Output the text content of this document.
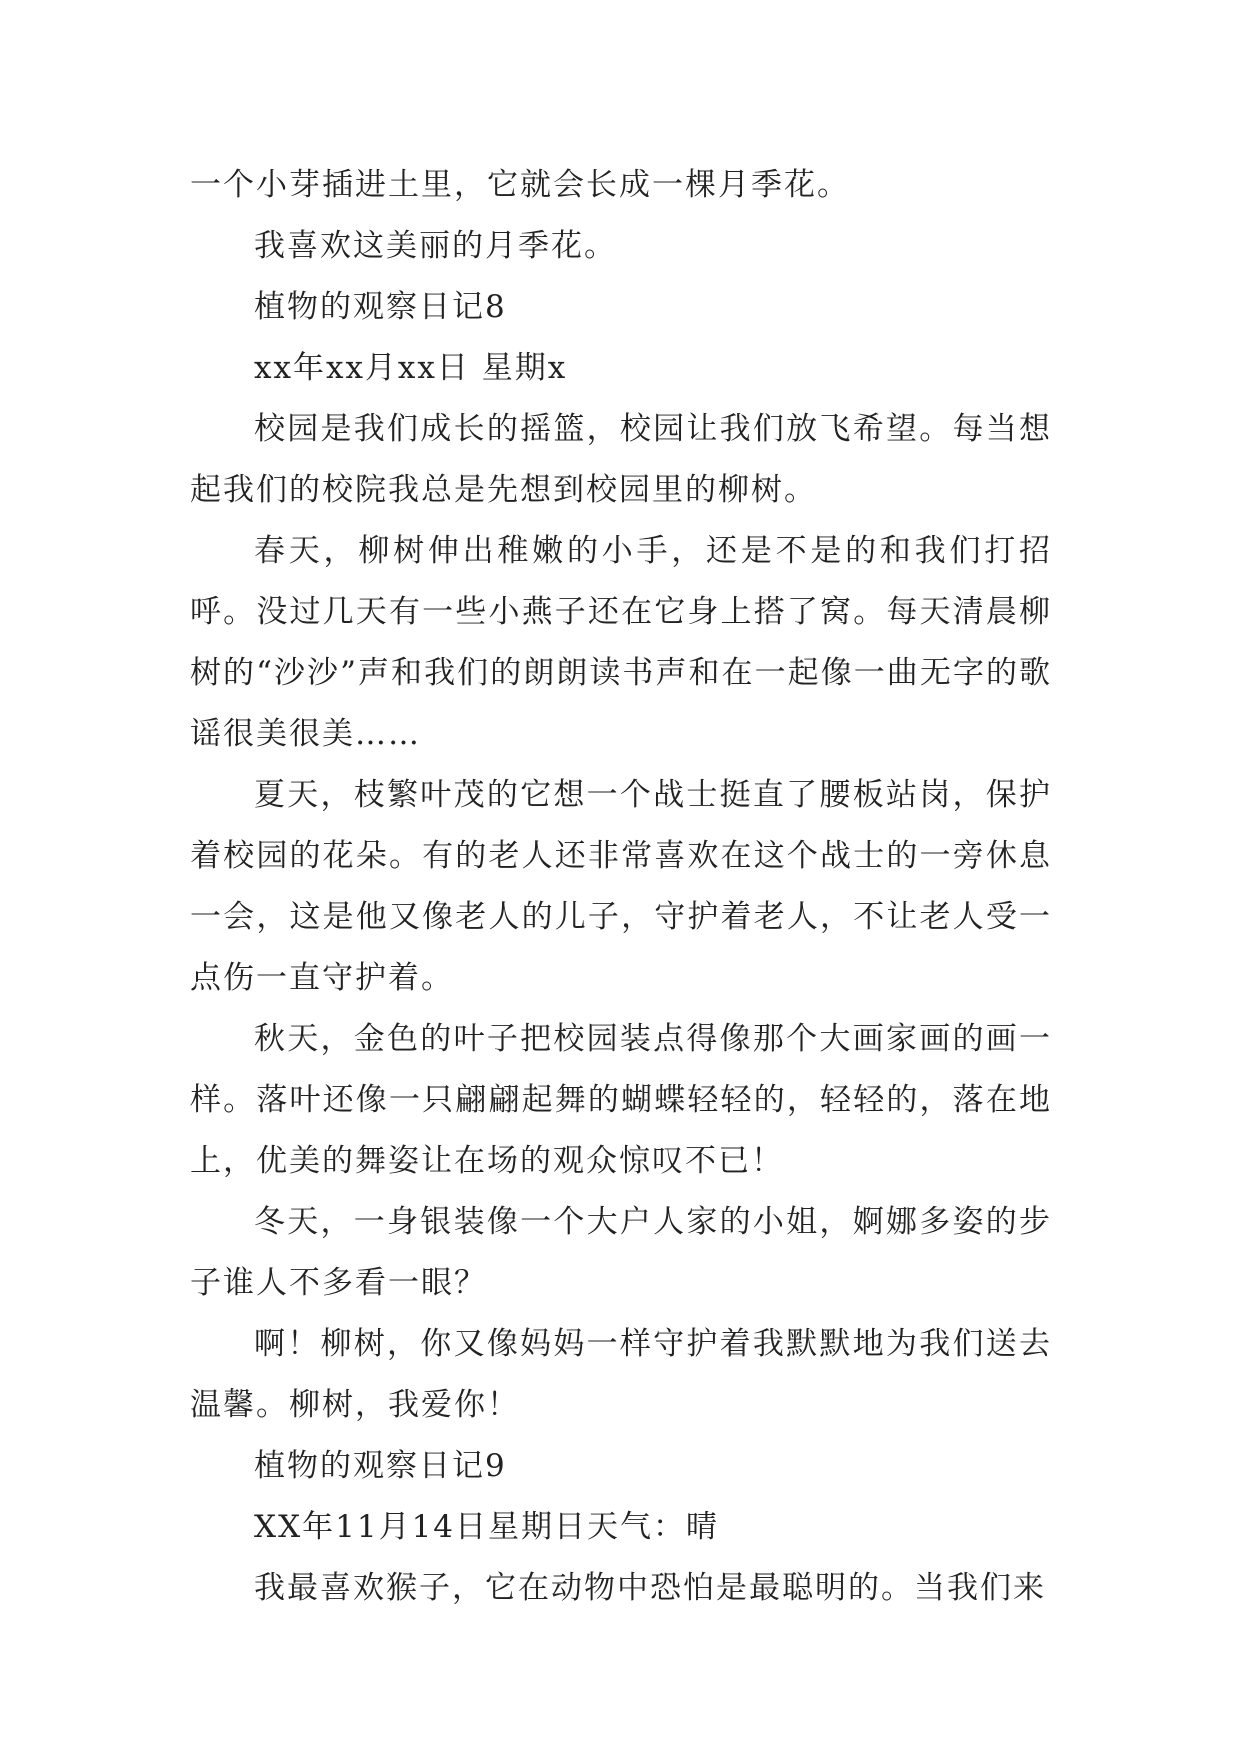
一个小芽插进土里，它就会长成一棵月季花。

我喜欢这美丽的月季花。

植物的观察日记8

xx年xx月xx日 星期x

校园是我们成长的摇篮，校园让我们放飞希望。每当想起我们的校院我总是先想到校园里的柳树。

春天，柳树伸出稚嫩的小手，还是不是的和我们打招呼。没过几天有一些小燕子还在它身上搭了窝。每天清晨柳树的“沙沙”声和我们的朗朗读书声和在一起像一曲无字的歌谣很美很美……

夏天，枝繁叶茂的它想一个战士挺直了腰板站岗，保护着校园的花朵。有的老人还非常喜欢在这个战士的一旁休息一会，这是他又像老人的儿子，守护着老人，不让老人受一点伤一直守护着。

秋天，金色的叶子把校园装点得像那个大画家画的画一样。落叶还像一只翩翩起舞的蝴蝶轻轻的，轻轻的，落在地上，优美的舞姿让在场的观众惊叹不已！

冬天，一身银装像一个大户人家的小姐，婀娜多姿的步子谁人不多看一眼？

啊！柳树，你又像妈妈一样守护着我默默地为我们送去温馨。柳树，我爱你！

植物的观察日记9

XX年11月14日星期日天气：晴

我最喜欢猴子，它在动物中恐怕是最聪明的。当我们来
